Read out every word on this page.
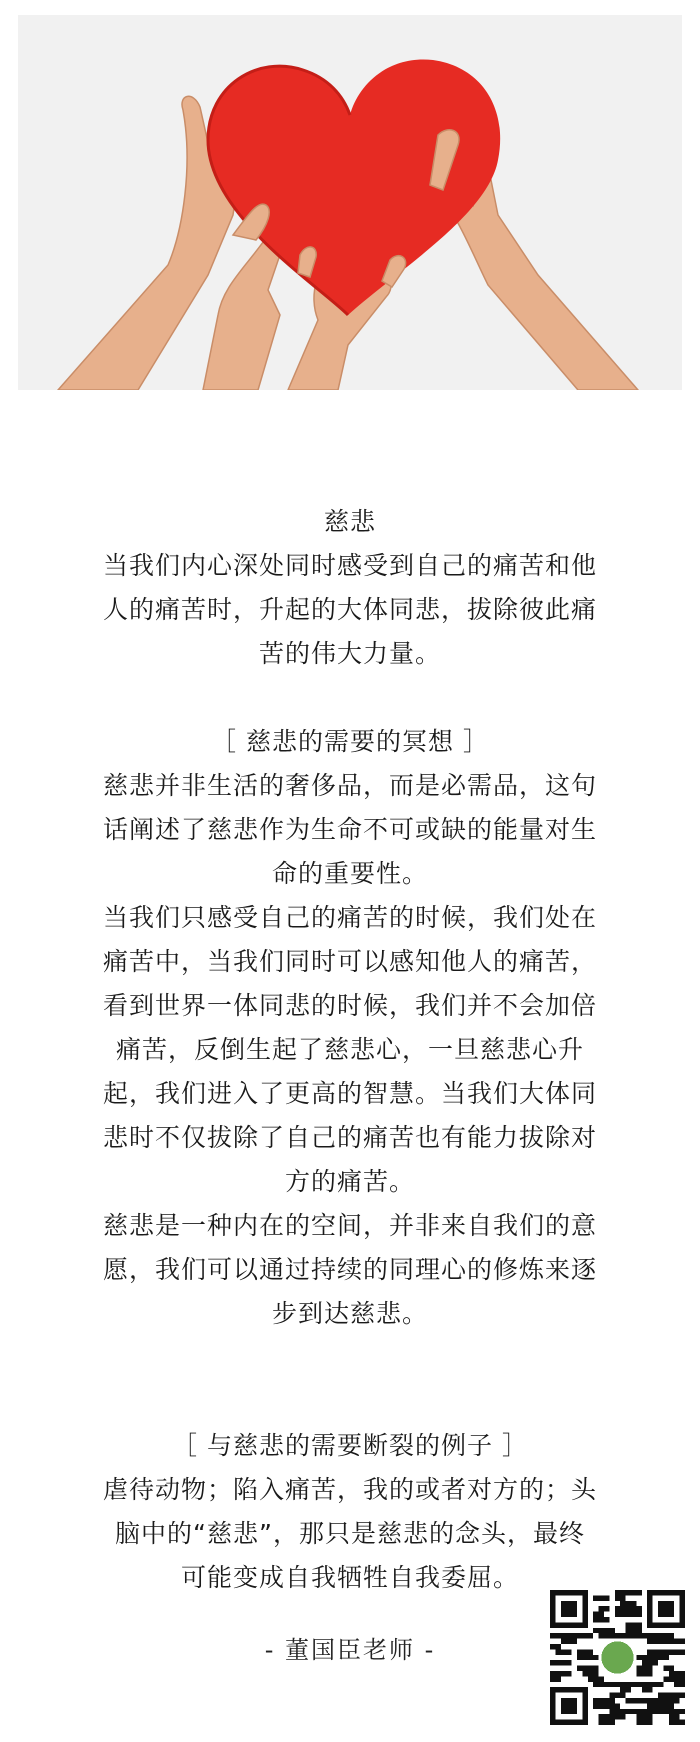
慈悲

当我们内心深处同时感受到自己的痛苦和他

人的痛苦时，升起的大体同悲，拔除彼此痛

苦的伟大力量。

［ 慈悲的需要的冥想 ］

慈悲并非生活的奢侈品，而是必需品，这句

话阐述了慈悲作为生命不可或缺的能量对生

命的重要性。

当我们只感受自己的痛苦的时候，我们处在

痛苦中，当我们同时可以感知他人的痛苦，

看到世界一体同悲的时候，我们并不会加倍

痛苦，反倒生起了慈悲心，一旦慈悲心升

起，我们进入了更高的智慧。当我们大体同

悲时不仅拔除了自己的痛苦也有能力拔除对

方的痛苦。

慈悲是一种内在的空间，并非来自我们的意

愿，我们可以通过持续的同理心的修炼来逐

步到达慈悲。

［ 与慈悲的需要断裂的例子 ］

虐待动物；陷入痛苦，我的或者对方的；头

脑中的“慈悲”，那只是慈悲的念头，最终

可能变成自我牺牲自我委屈。

- 董国臣老师 -
